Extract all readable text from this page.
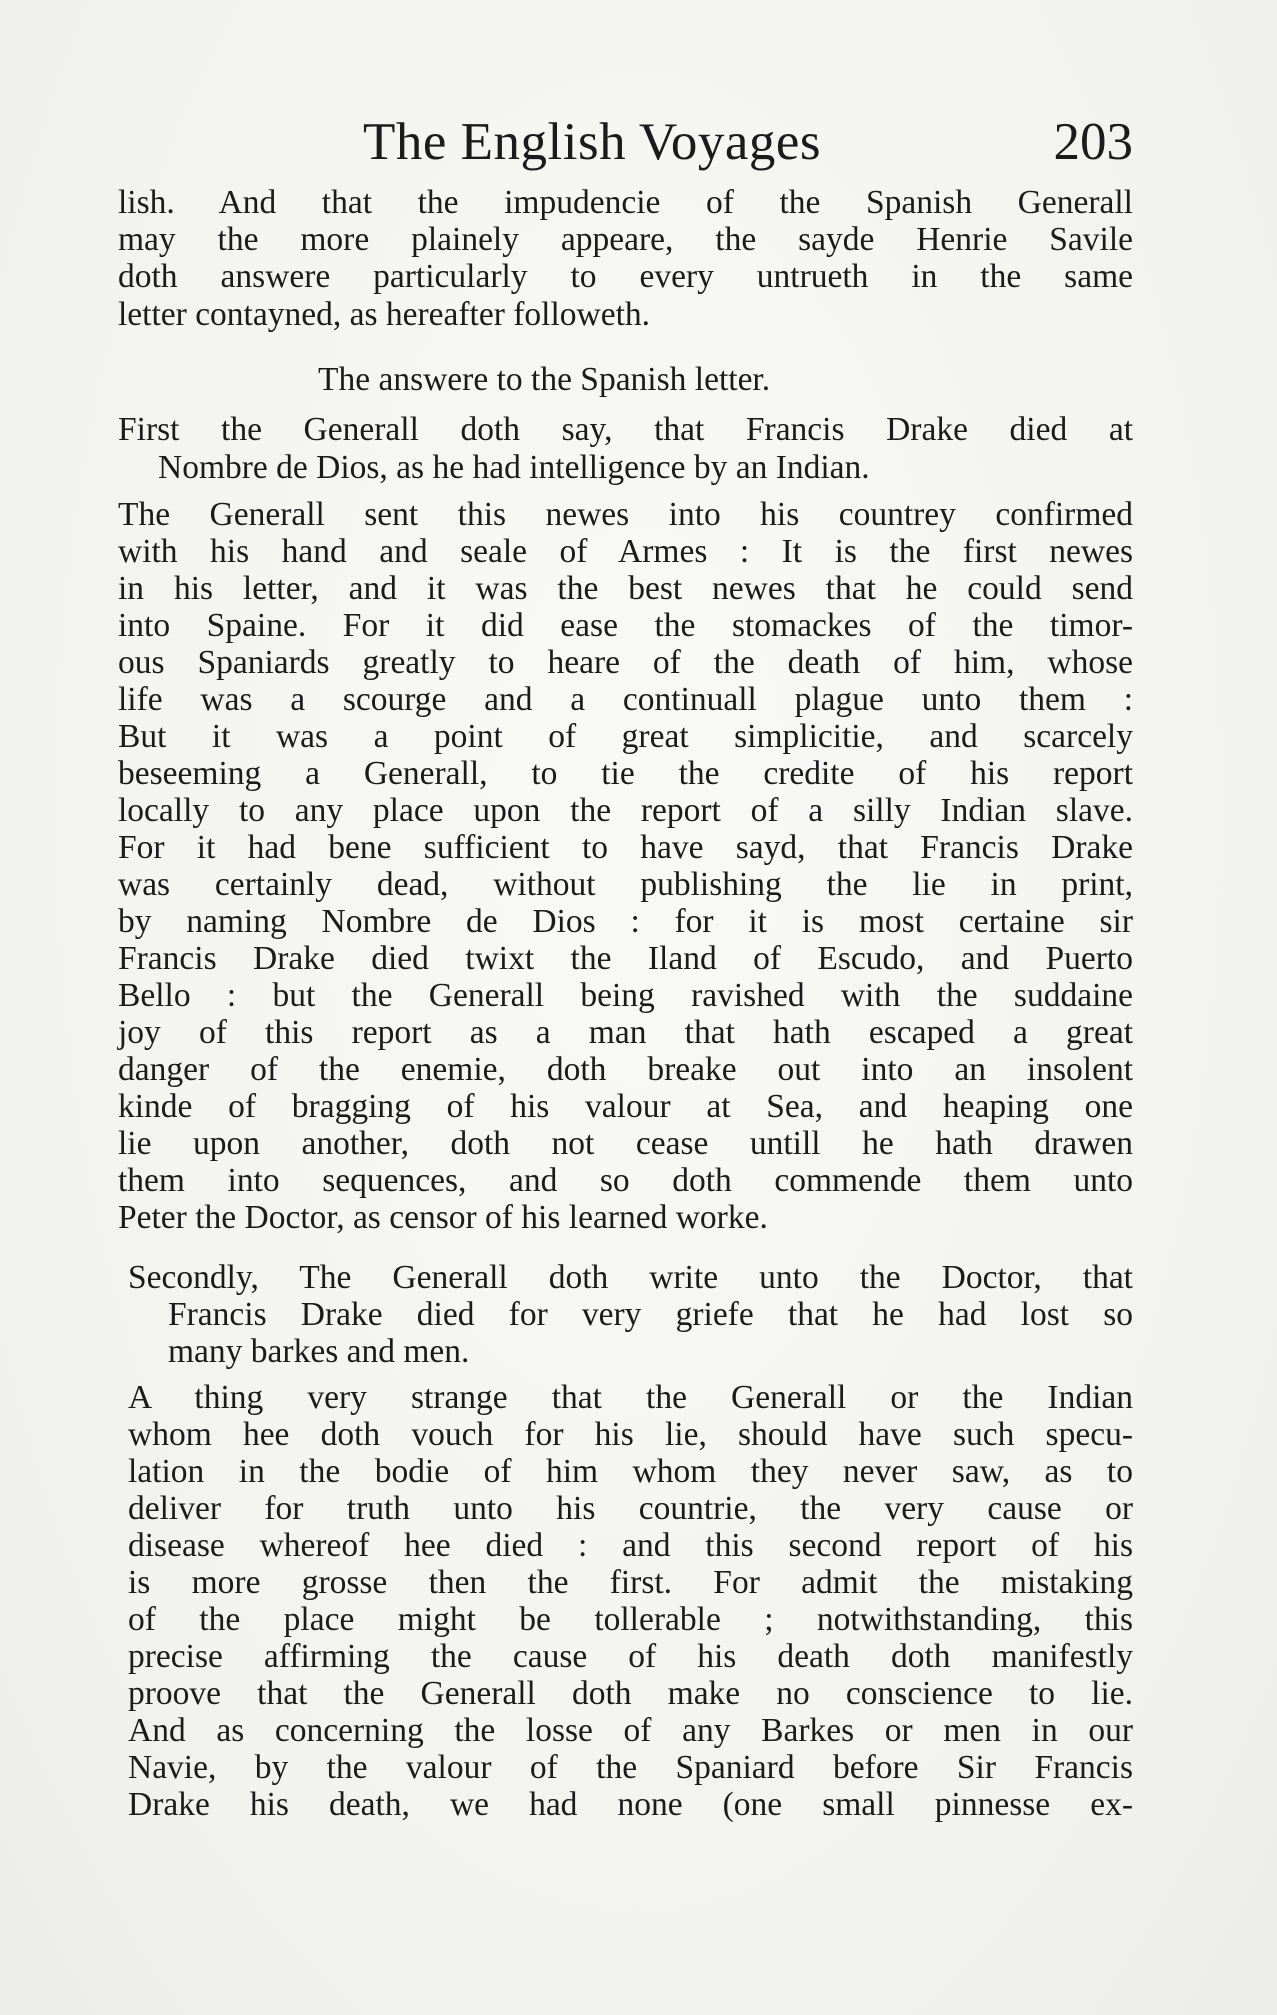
The English Voyages	203
lish. And that the impudencie of the Spanish Generall
may the more plainely appeare, the sayde Henrie Savile
doth answere particularly to every untrueth in the same
letter contayned, as hereafter followeth.
The answere to the Spanish letter.
First the Generall doth say, that Francis Drake died at
Nombre de Dios, as he had intelligence by an Indian.
The Generall sent this newes into his countrey confirmed
with his hand and seale of Armes : It is the first newes
in his letter, and it was the best newes that he could send
into Spaine. For it did ease the stomackes of the timor-
ous Spaniards greatly to heare of the death of him, whose
life was a scourge and a continuall plague unto them :
But it was a point of great simplicitie, and scarcely
beseeming a Generall, to tie the credite of his report
locally to any place upon the report of a silly Indian slave.
For it had bene sufficient to have sayd, that Francis Drake
was certainly dead, without publishing the lie in print,
by naming Nombre de Dios : for it is most certaine sir
Francis Drake died twixt the Iland of Escudo, and Puerto
Bello : but the Generall being ravished with the suddaine
joy of this report as a man that hath escaped a great
danger of the enemie, doth breake out into an insolent
kinde of bragging of his valour at Sea, and heaping one
lie upon another, doth not cease untill he hath drawen
them into sequences, and so doth commende them unto
Peter the Doctor, as censor of his learned worke.
Secondly, The Generall doth write unto the Doctor, that
Francis Drake died for very griefe that he had lost so
many barkes and men.
A thing very strange that the Generall or the Indian
whom hee doth vouch for his lie, should have such specu-
lation in the bodie of him whom they never saw, as to
deliver for truth unto his countrie, the very cause or
disease whereof hee died : and this second report of his
is more grosse then the first. For admit the mistaking
of the place might be tollerable ; notwithstanding, this
precise affirming the cause of his death doth manifestly
proove that the Generall doth make no conscience to lie.
And as concerning the losse of any Barkes or men in our
Navie, by the valour of the Spaniard before Sir Francis
Drake his death, we had none (one small pinnesse ex-
